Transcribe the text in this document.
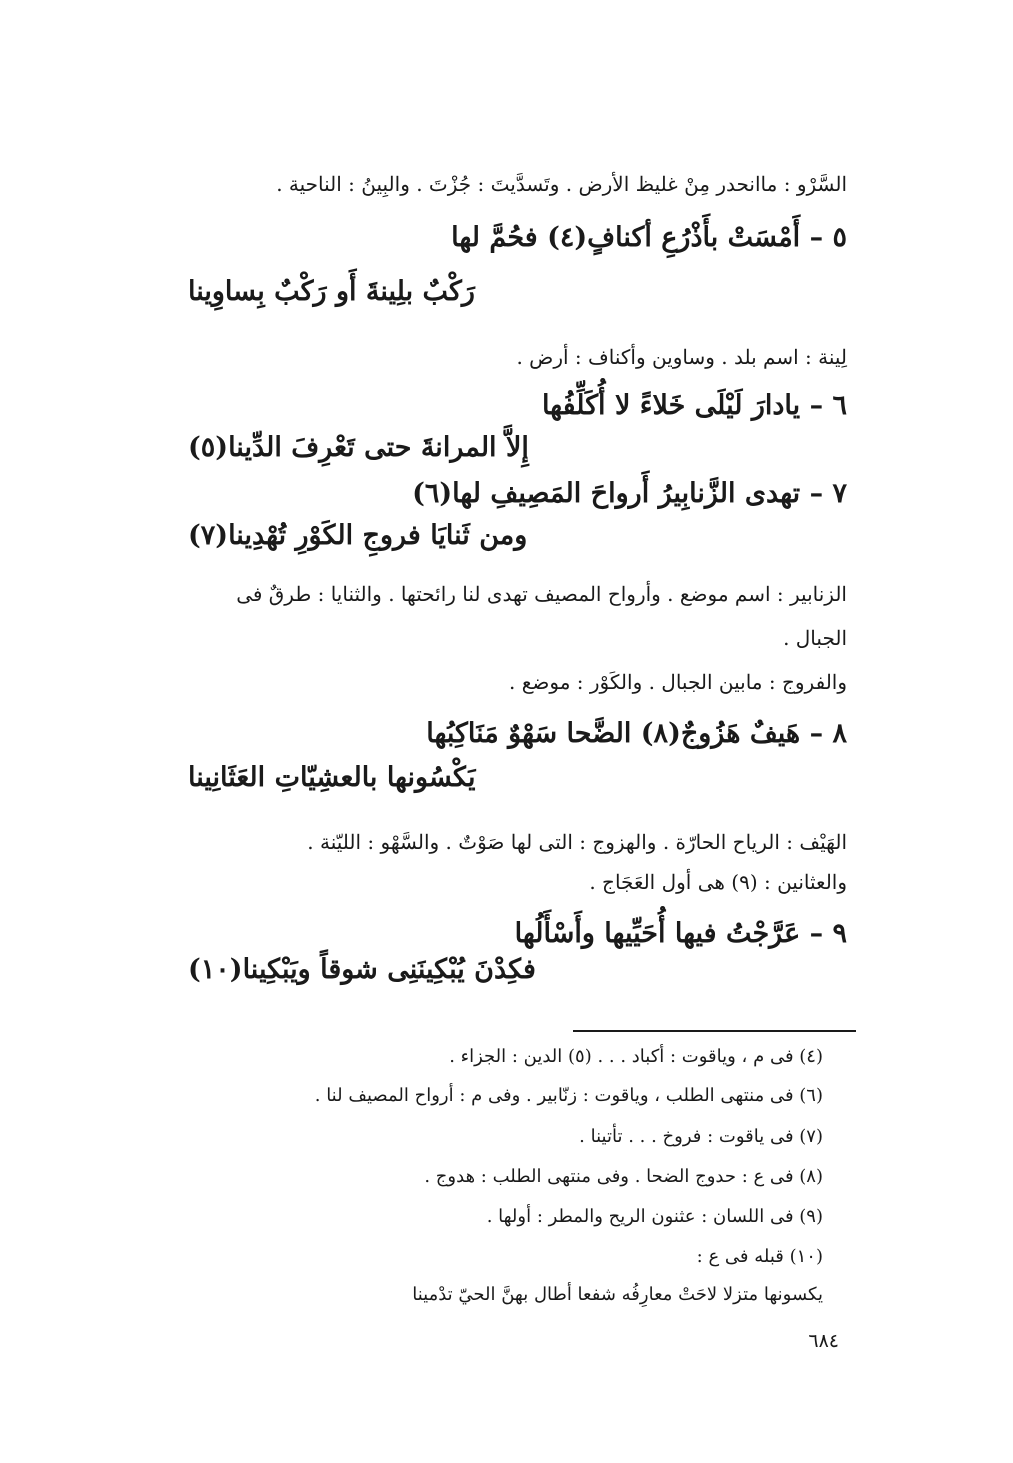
السَّرْو : ماانحدر مِنْ غليظ الأرض . وتَسدَّيتَ : جُزْتَ . والبِينُ : الناحية .
٥ – أَمْسَتْ بأَذْرُعِ أكنافٍ(٤) فحُمَّ لها
رَكْبٌ بلِينةَ أَو رَكْبٌ بِساوِينا
لِينة : اسم بلد . وساوين وأكناف : أرض .
٦ – يادارَ لَيْلَى خَلاءً لا أُكَلِّفُها
إِلاَّ المرانةَ حتى تَعْرِفَ الدِّينا(٥)
٧ – تهدى الزَّنابِيرُ أَرواحَ المَصِيفِ لها(٦)
ومن ثَنايَا فروجِ الكَوْرِ تُهْدِينا(٧)
الزنابير : اسم موضع . وأرواح المصيف تهدى لنا رائحتها . والثنايا : طرقٌ فى
الجبال .
والفروج : مابين الجبال . والكَوْر : موضع .
٨ – هَيفٌ هَزُوجٌ(٨) الضَّحا سَهْوٌ مَنَاكِبُها
يَكْسُونها بالعشِيّاتِ العَثَانِينا
الهَيْف : الرياح الحارّة . والهزوج : التى لها صَوْتٌ . والسَّهْو : الليّنة .
والعثانين : (٩) هى أول العَجَاج .
٩ – عَرَّجْتُ فيها أُحَيِّيها وأَسْأَلُها
فكِدْنَ يُبْكِينَنِى شوقاً ويَبْكِينا(١٠)
(٤) فى م ، وياقوت : أكباد . . . (٥) الدين : الجزاء .
(٦) فى منتهى الطلب ، وياقوت : زنّابير . وفى م : أرواح المصيف لنا .
(٧) فى ياقوت : فروخ . . . تأتينا .
(٨) فى ع : حدوج الضحا . وفى منتهى الطلب : هدوج .
(٩) فى اللسان : عثنون الريح والمطر : أولها .
(١٠) قبله فى ع :
يكسونها متزلا لاحَتْ معارِفُه شفعا أطال بهنَّ الحيّ تدْمينا
٦٨٤
